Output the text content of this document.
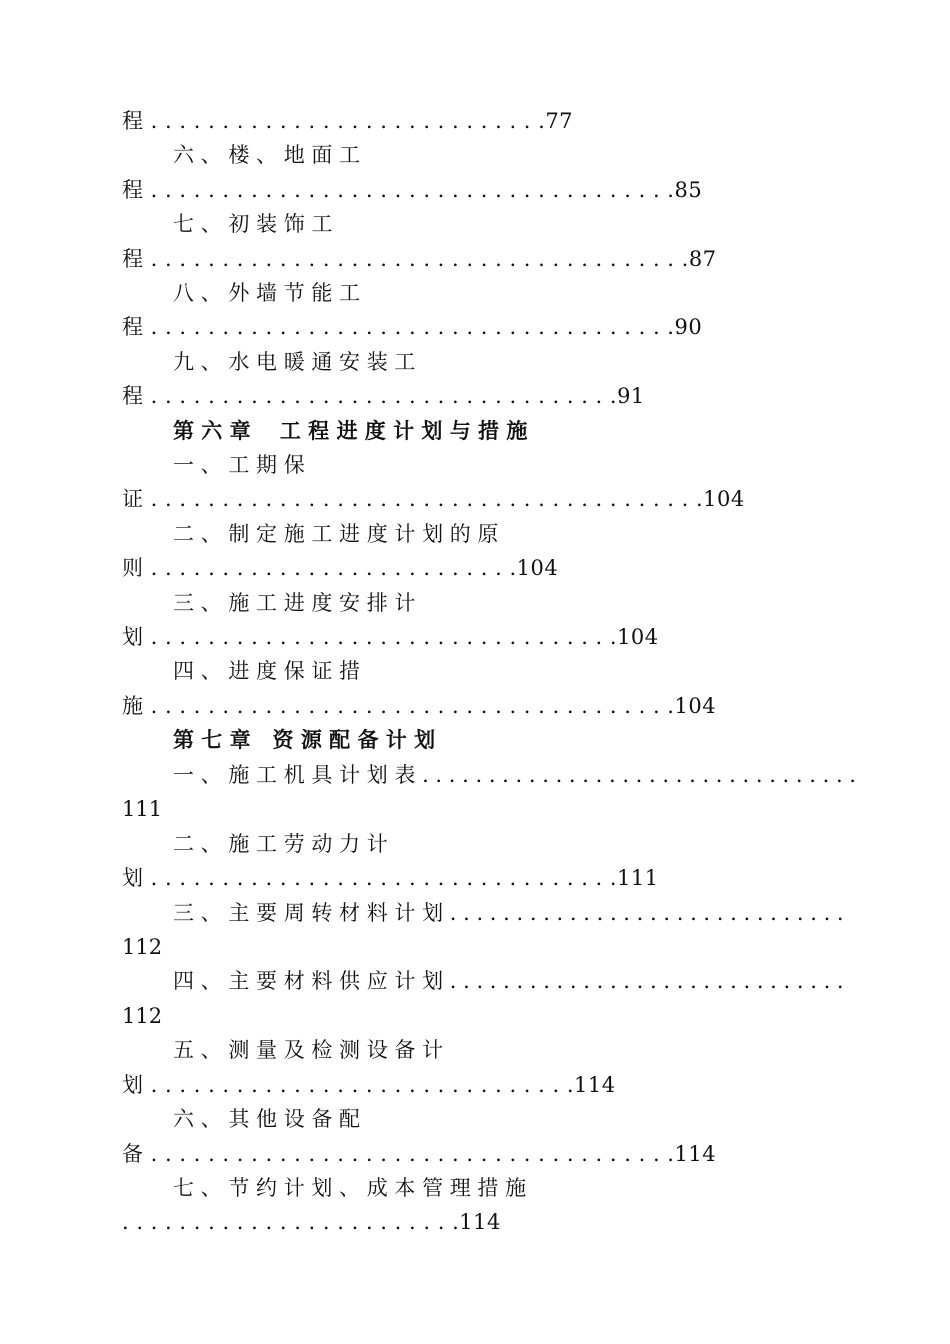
程 . . . . . . . . . . . . . . . . . . . . . . . . . . . .77
六 、 楼 、 地 面 工
程 . . . . . . . . . . . . . . . . . . . . . . . . . . . . . . . . . . . . .85
七 、 初 装 饰 工
程 . . . . . . . . . . . . . . . . . . . . . . . . . . . . . . . . . . . . . .87
八 、 外 墙 节 能 工
程 . . . . . . . . . . . . . . . . . . . . . . . . . . . . . . . . . . . . .90
九 、 水 电 暖 通 安 装 工
程 . . . . . . . . . . . . . . . . . . . . . . . . . . . . . . . . .91
第 六 章    工 程 进 度 计 划 与 措 施
一 、 工 期 保
证 . . . . . . . . . . . . . . . . . . . . . . . . . . . . . . . . . . . . . . .104
二 、 制 定 施 工 进 度 计 划 的 原
则 . . . . . . . . . . . . . . . . . . . . . . . . . .104
三 、 施 工 进 度 安 排 计
划 . . . . . . . . . . . . . . . . . . . . . . . . . . . . . . . . .104
四 、 进 度 保 证 措
施 . . . . . . . . . . . . . . . . . . . . . . . . . . . . . . . . . . . . .104
第 七 章   资 源 配 备 计 划
一 、 施 工 机 具 计 划 表 . . . . . . . . . . . . . . . . . . . . . . . . . . . . . . . . .
111
二 、 施 工 劳 动 力 计
划 . . . . . . . . . . . . . . . . . . . . . . . . . . . . . . . . .111
三 、 主 要 周 转 材 料 计 划 . . . . . . . . . . . . . . . . . . . . . . . . . . . . . .
112
四 、 主 要 材 料 供 应 计 划 . . . . . . . . . . . . . . . . . . . . . . . . . . . . . .
112
五 、 测 量 及 检 测 设 备 计
划 . . . . . . . . . . . . . . . . . . . . . . . . . . . . . .114
六 、 其 他 设 备 配
备 . . . . . . . . . . . . . . . . . . . . . . . . . . . . . . . . . . . . .114
七 、 节 约 计 划 、 成 本 管 理 措 施
. . . . . . . . . . . . . . . . . . . . . . . .114
